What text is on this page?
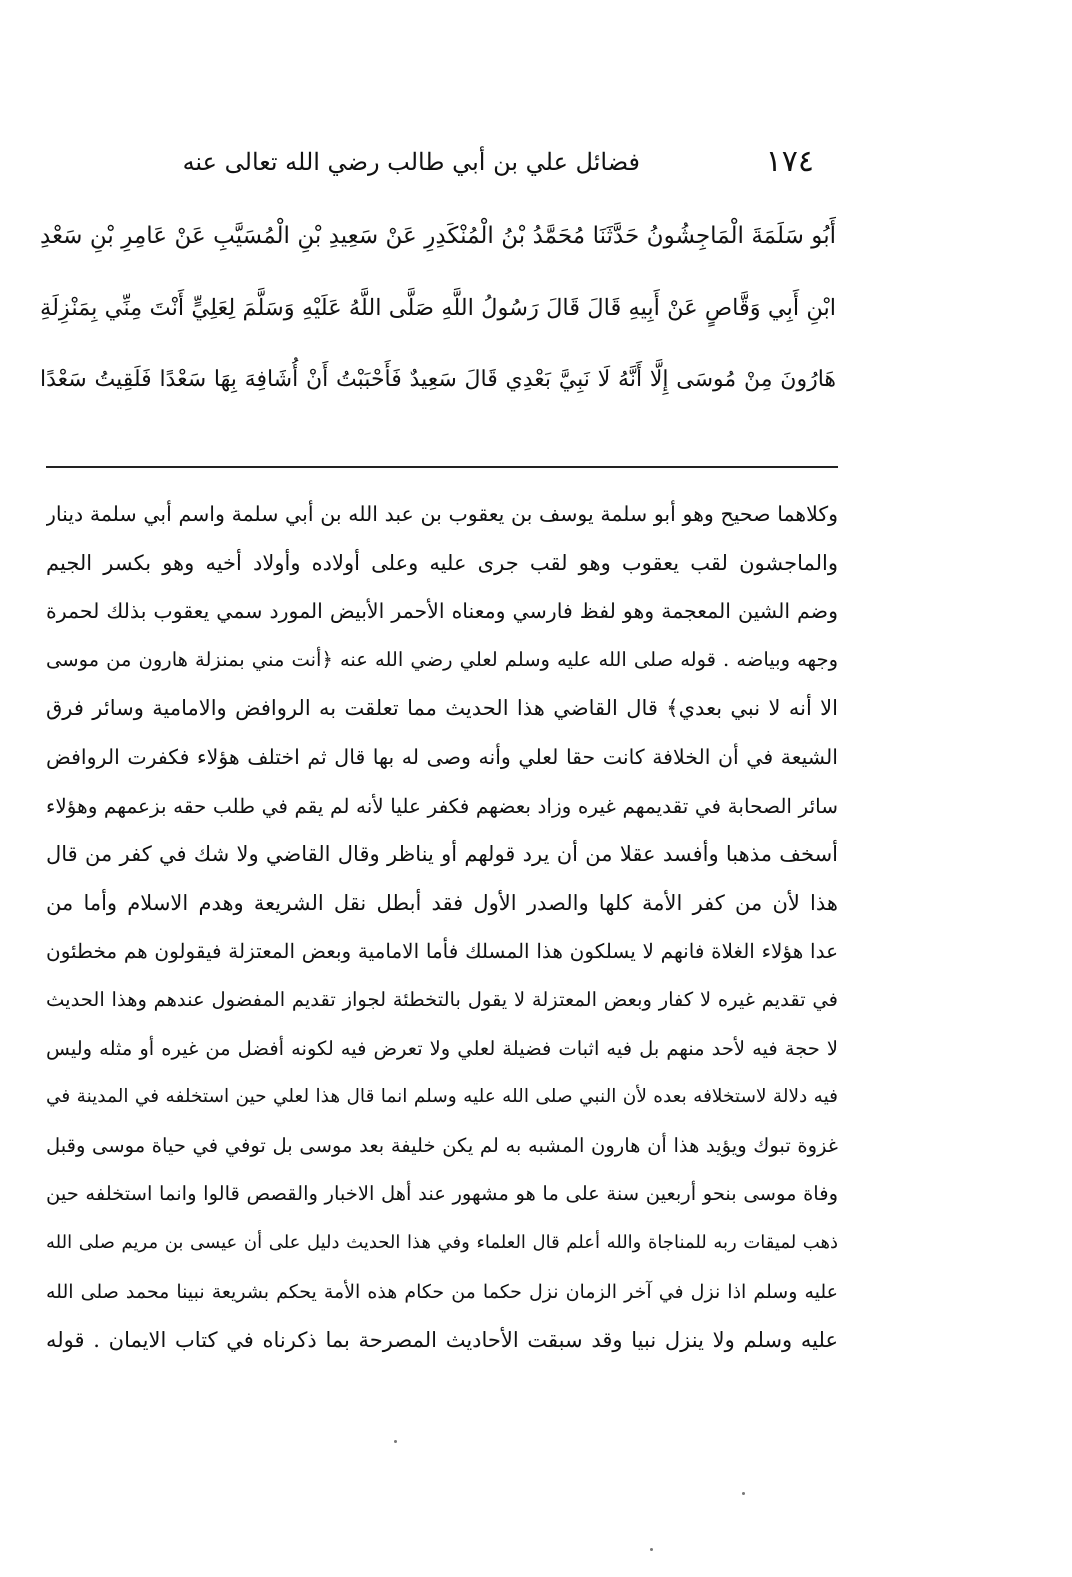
١٧٤
فضائل علي بن أبي طالب رضي الله تعالى عنه
أَبُو سَلَمَةَ الْمَاجِشُونُ حَدَّثَنَا مُحَمَّدُ بْنُ الْمُنْكَدِرِ عَنْ سَعِيدِ بْنِ الْمُسَيَّبِ عَنْ عَامِرِ بْنِ سَعْدِ
ابْنِ أَبِي وَقَّاصٍ عَنْ أَبِيهِ قَالَ قَالَ رَسُولُ اللَّهِ صَلَّى اللَّهُ عَلَيْهِ وَسَلَّمَ لِعَلِيٍّ أَنْتَ مِنِّي بِمَنْزِلَةِ
هَارُونَ مِنْ مُوسَى إِلَّا أَنَّهُ لَا نَبِيَّ بَعْدِي قَالَ سَعِيدٌ فَأَحْبَبْتُ أَنْ أُشَافِهَ بِهَا سَعْدًا فَلَقِيتُ سَعْدًا
وكلاهما صحيح وهو أبو سلمة يوسف بن يعقوب بن عبد الله بن أبي سلمة واسم أبي سلمة دينار
والماجشون لقب يعقوب وهو لقب جرى عليه وعلى أولاده وأولاد أخيه وهو بكسر الجيم
وضم الشين المعجمة وهو لفظ فارسي ومعناه الأحمر الأبيض المورد سمي يعقوب بذلك لحمرة
وجهه وبياضه . قوله صلى الله عليه وسلم لعلي رضي الله عنه ﴿أنت مني بمنزلة هارون من موسى
الا أنه لا نبي بعدي﴾ قال القاضي هذا الحديث مما تعلقت به الروافض والامامية وسائر فرق
الشيعة في أن الخلافة كانت حقا لعلي وأنه وصى له بها قال ثم اختلف هؤلاء فكفرت الروافض
سائر الصحابة في تقديمهم غيره وزاد بعضهم فكفر عليا لأنه لم يقم في طلب حقه بزعمهم وهؤلاء
أسخف مذهبا وأفسد عقلا من أن يرد قولهم أو يناظر وقال القاضي ولا شك في كفر من قال
هذا لأن من كفر الأمة كلها والصدر الأول فقد أبطل نقل الشريعة وهدم الاسلام وأما من
عدا هؤلاء الغلاة فانهم لا يسلكون هذا المسلك فأما الامامية وبعض المعتزلة فيقولون هم مخطئون
في تقديم غيره لا كفار وبعض المعتزلة لا يقول بالتخطئة لجواز تقديم المفضول عندهم وهذا الحديث
لا حجة فيه لأحد منهم بل فيه اثبات فضيلة لعلي ولا تعرض فيه لكونه أفضل من غيره أو مثله وليس
فيه دلالة لاستخلافه بعده لأن النبي صلى الله عليه وسلم انما قال هذا لعلي حين استخلفه في المدينة في
غزوة تبوك ويؤيد هذا أن هارون المشبه به لم يكن خليفة بعد موسى بل توفي في حياة موسى وقبل
وفاة موسى بنحو أربعين سنة على ما هو مشهور عند أهل الاخبار والقصص قالوا وانما استخلفه حين
ذهب لميقات ربه للمناجاة والله أعلم قال العلماء وفي هذا الحديث دليل على أن عيسى بن مريم صلى الله
عليه وسلم اذا نزل في آخر الزمان نزل حكما من حكام هذه الأمة يحكم بشريعة نبينا محمد صلى الله
عليه وسلم ولا ينزل نبيا وقد سبقت الأحاديث المصرحة بما ذكرناه في كتاب الايمان . قوله
